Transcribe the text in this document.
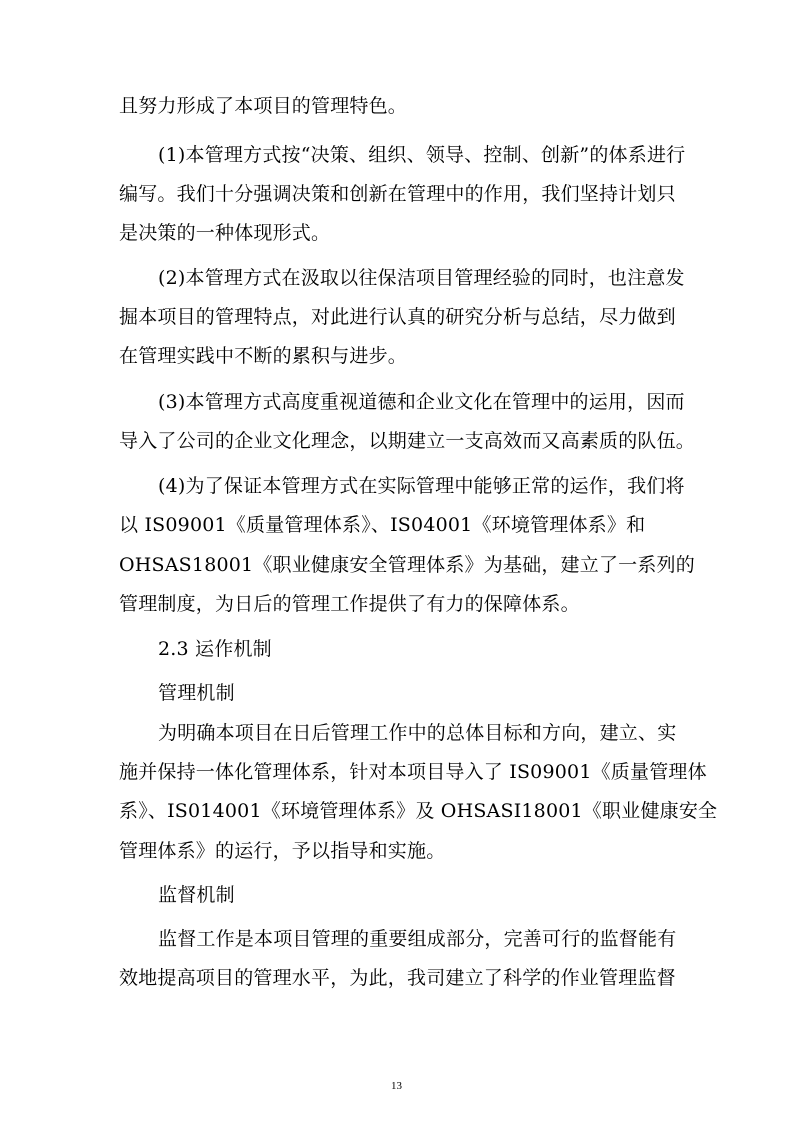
且努力形成了本项目的管理特色。
(1)本管理方式按“决策、组织、领导、控制、创新”的体系进行
编写。我们十分强调决策和创新在管理中的作用，我们坚持计划只
是决策的一种体现形式。
(2)本管理方式在汲取以往保洁项目管理经验的同时，也注意发
掘本项目的管理特点，对此进行认真的研究分析与总结，尽力做到
在管理实践中不断的累积与进步。
(3)本管理方式高度重视道德和企业文化在管理中的运用，因而
导入了公司的企业文化理念，以期建立一支高效而又高素质的队伍。
(4)为了保证本管理方式在实际管理中能够正常的运作，我们将
以 IS09001《质量管理体系》、IS04001《环境管理体系》和
OHSAS18001《职业健康安全管理体系》为基础，建立了一系列的
管理制度，为日后的管理工作提供了有力的保障体系。
2.3 运作机制
管理机制
为明确本项目在日后管理工作中的总体目标和方向，建立、实
施并保持一体化管理体系，针对本项目导入了 IS09001《质量管理体
系》、IS014001《环境管理体系》及 OHSASI18001《职业健康安全
管理体系》的运行，予以指导和实施。
监督机制
监督工作是本项目管理的重要组成部分，完善可行的监督能有
效地提高项目的管理水平，为此，我司建立了科学的作业管理监督
13
